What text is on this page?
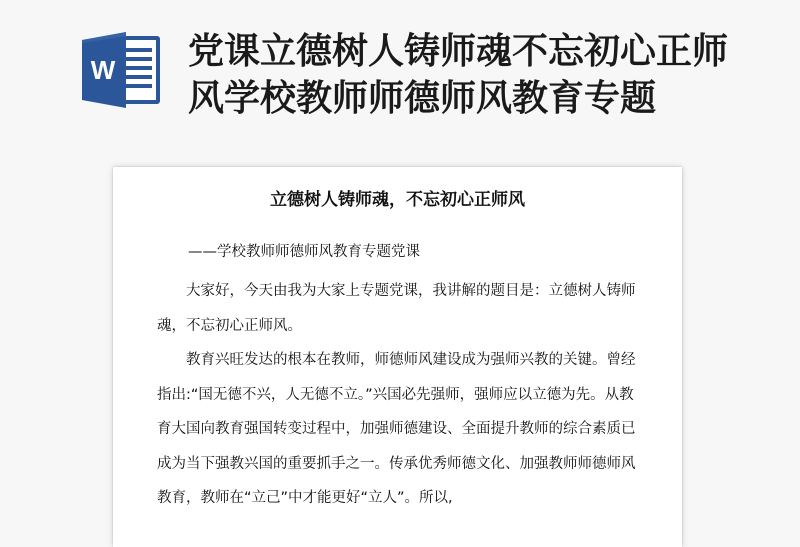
W 党课立德树人铸师魂不忘初心正师风学校教师师德师风教育专题
立德树人铸师魂，不忘初心正师风
——学校教师师德师风教育专题党课

大家好，今天由我为大家上专题党课，我讲解的题目是：立德树人铸师魂，不忘初心正师风。

教育兴旺发达的根本在教师，师德师风建设成为强师兴教的关键。曾经指出:“国无德不兴，人无德不立。”兴国必先强师，强师应以立德为先。从教育大国向教育强国转变过程中，加强师德建设、全面提升教师的综合素质已成为当下强教兴国的重要抓手之一。传承优秀师德文化、加强教师师德师风教育，教师在“立己”中才能更好“立人”。所以,
